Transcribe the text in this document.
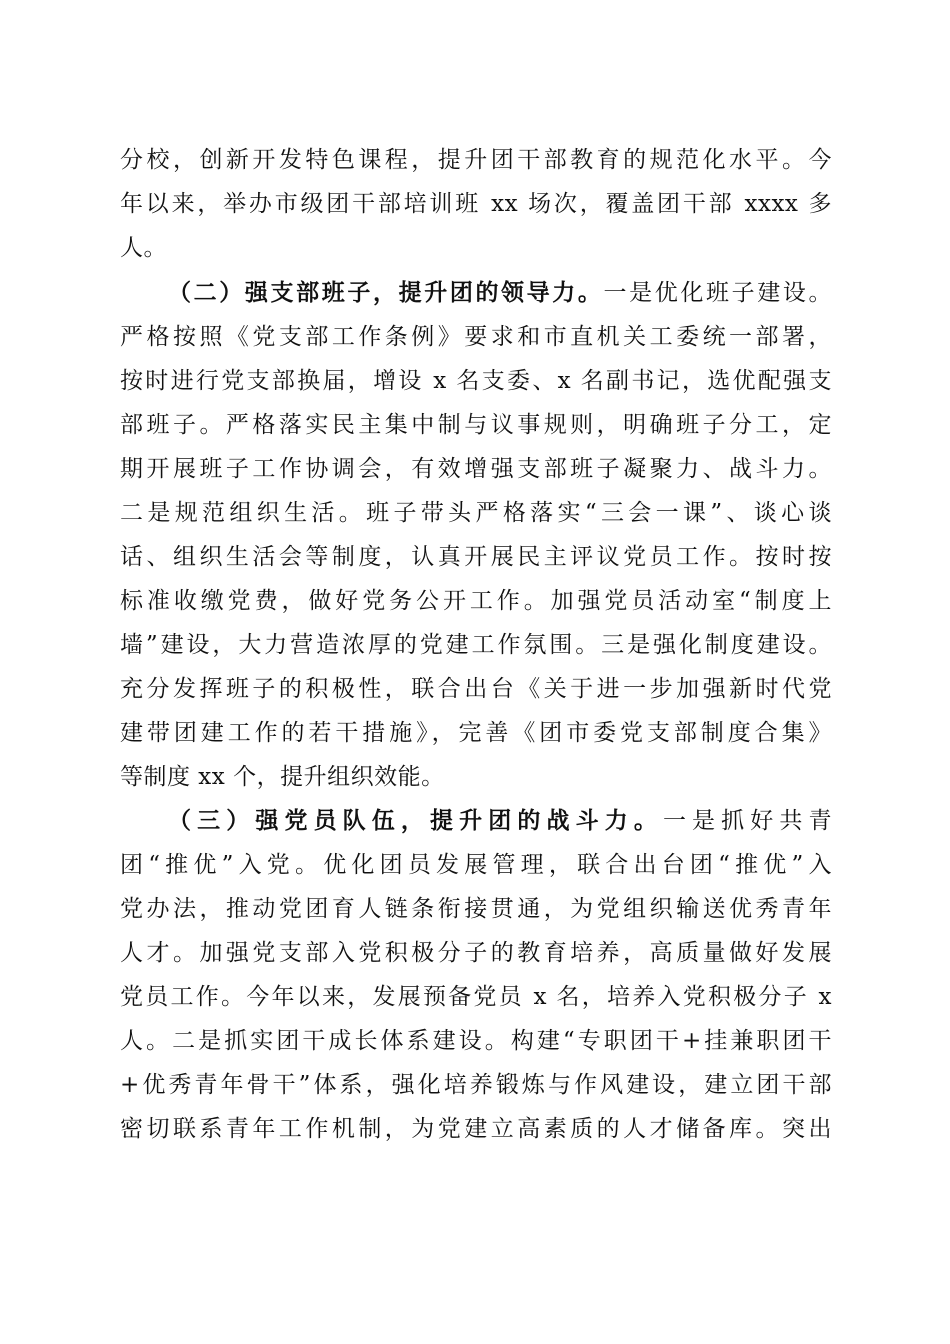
分校，创新开发特色课程，提升团干部教育的规范化水平。今
年以来，举办市级团干部培训班 xx 场次，覆盖团干部 xxxx 多
人。
（二）强支部班子，提升团的领导力。一是优化班子建设。
严格按照《党支部工作条例》要求和市直机关工委统一部署，
按时进行党支部换届，增设 x 名支委、x 名副书记，选优配强支
部班子。严格落实民主集中制与议事规则，明确班子分工，定
期开展班子工作协调会，有效增强支部班子凝聚力、战斗力。
二是规范组织生活。班子带头严格落实“三会一课”、谈心谈
话、组织生活会等制度，认真开展民主评议党员工作。按时按
标准收缴党费，做好党务公开工作。加强党员活动室“制度上
墙”建设，大力营造浓厚的党建工作氛围。三是强化制度建设。
充分发挥班子的积极性，联合出台《关于进一步加强新时代党
建带团建工作的若干措施》，完善《团市委党支部制度合集》
等制度 xx 个，提升组织效能。
（三）强党员队伍，提升团的战斗力。一是抓好共青
团“推优”入党。优化团员发展管理，联合出台团“推优”入
党办法，推动党团育人链条衔接贯通，为党组织输送优秀青年
人才。加强党支部入党积极分子的教育培养，高质量做好发展
党员工作。今年以来，发展预备党员 x 名，培养入党积极分子 x
人。二是抓实团干成长体系建设。构建“专职团干+挂兼职团干
+优秀青年骨干”体系，强化培养锻炼与作风建设，建立团干部
密切联系青年工作机制，为党建立高素质的人才储备库。突出
